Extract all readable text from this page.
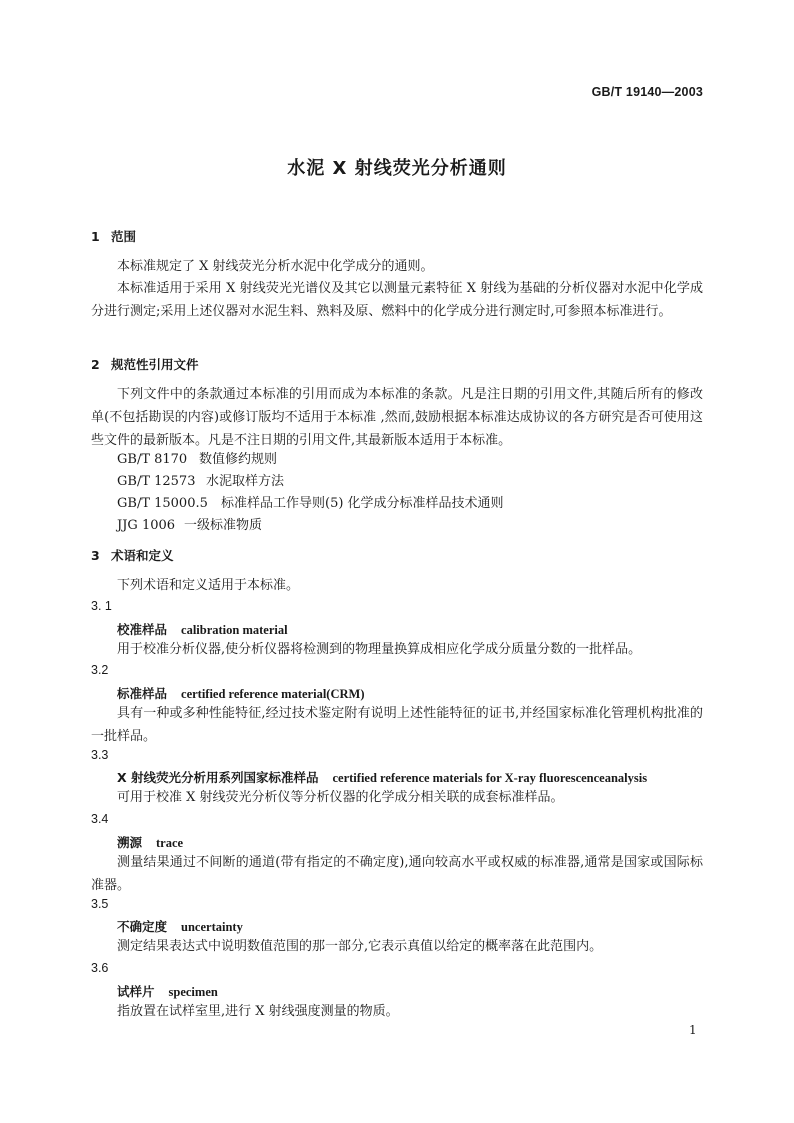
GB/T 19140—2003
水泥 X 射线荧光分析通则
1 范围
本标准规定了 X 射线荧光分析水泥中化学成分的通则。
本标准适用于采用 X 射线荧光光谱仪及其它以测量元素特征 X 射线为基础的分析仪器对水泥中化学成分进行测定;采用上述仪器对水泥生料、熟料及原、燃料中的化学成分进行测定时,可参照本标准进行。
2 规范性引用文件
下列文件中的条款通过本标准的引用而成为本标准的条款。凡是注日期的引用文件,其随后所有的修改单(不包括勘误的内容)或修订版均不适用于本标准 ,然而,鼓励根据本标准达成协议的各方研究是否可使用这些文件的最新版本。凡是不注日期的引用文件,其最新版本适用于本标准。
GB/T 8170 数值修约规则
GB/T 12573 水泥取样方法
GB/T 15000.5 标准样品工作导则(5) 化学成分标准样品技术通则
JJG 1006 一级标准物质
3 术语和定义
下列术语和定义适用于本标准。
3. 1
校准样品 calibration material
用于校准分析仪器,使分析仪器将检测到的物理量换算成相应化学成分质量分数的一批样品。
3.2
标准样品 certified reference material(CRM)
具有一种或多种性能特征,经过技术鉴定附有说明上述性能特征的证书,并经国家标准化管理机构批准的一批样品。
3.3
X 射线荧光分析用系列国家标准样品 certified reference materials for X-ray fluorescenceanalysis
可用于校准 X 射线荧光分析仪等分析仪器的化学成分相关联的成套标准样品。
3.4
溯源 trace
测量结果通过不间断的通道(带有指定的不确定度),通向较高水平或权威的标准器,通常是国家或国际标准器。
3.5
不确定度 uncertainty
测定结果表达式中说明数值范围的那一部分,它表示真值以给定的概率落在此范围内。
3.6
试样片 specimen
指放置在试样室里,进行 X 射线强度测量的物质。
1
